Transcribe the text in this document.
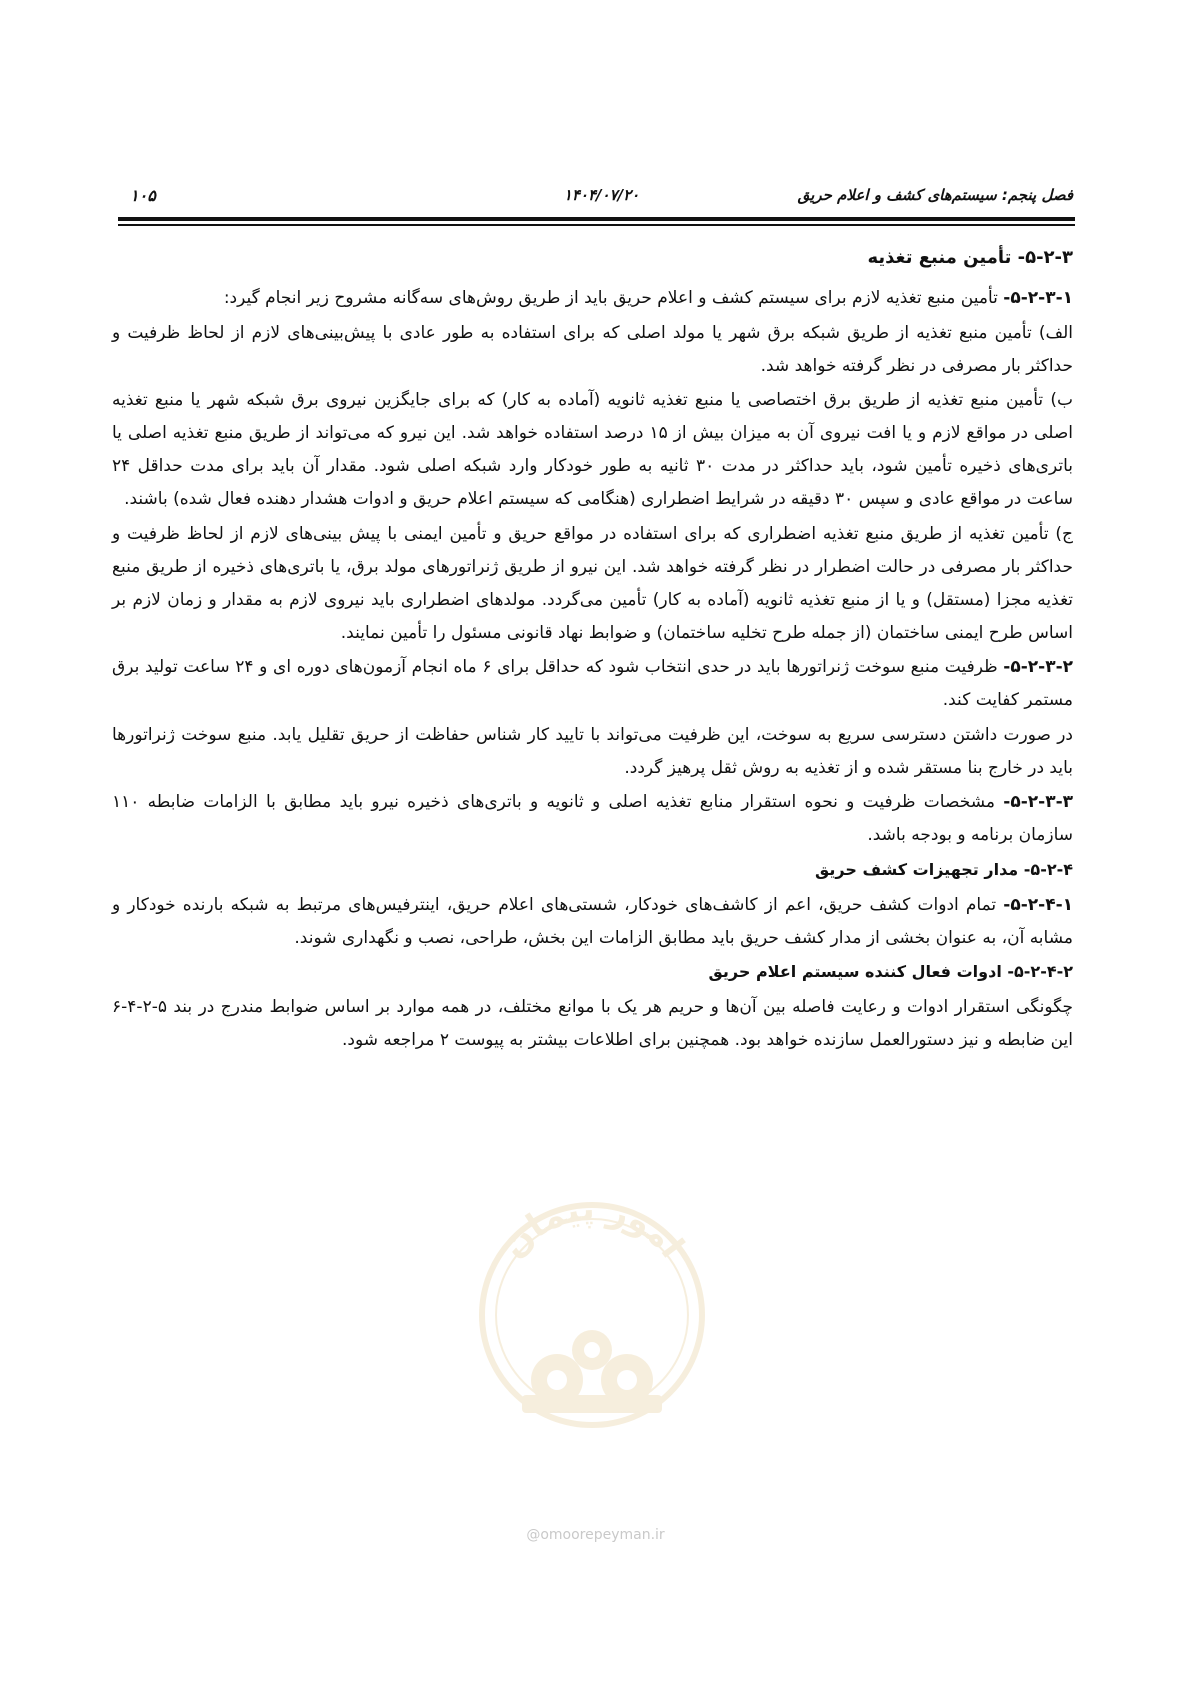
فصل پنجم: سیستم‌های کشف و اعلام حریق
۱۴۰۴/۰۷/۲۰
۱۰۵
۵-۲-۳- تأمین منبع تغذیه

۵-۲-۳-۱- تأمین منبع تغذیه لازم برای سیستم کشف و اعلام حریق باید از طریق روش‌های سه‌گانه مشروح زیر انجام گیرد:

الف) تأمین منبع تغذیه از طریق شبکه برق شهر یا مولد اصلی که برای استفاده به طور عادی با پیش‌بینی‌های لازم از لحاظ ظرفیت و حداکثر بار مصرفی در نظر گرفته خواهد شد.

ب) تأمین منبع تغذیه از طریق برق اختصاصی یا منبع تغذیه ثانویه (آماده به کار) که برای جایگزین نیروی برق شبکه شهر یا منبع تغذیه اصلی در مواقع لازم و یا افت نیروی آن به میزان بیش از ۱۵ درصد استفاده خواهد شد. این نیرو که می‌تواند از طریق منبع تغذیه اصلی یا باتری‌های ذخیره تأمین شود، باید حداکثر در مدت ۳۰ ثانیه به طور خودکار وارد شبکه اصلی شود. مقدار آن باید برای مدت حداقل ۲۴ ساعت در مواقع عادی و سپس ۳۰ دقیقه در شرایط اضطراری (هنگامی که سیستم اعلام حریق و ادوات هشدار دهنده فعال شده) باشند.

ج) تأمین تغذیه از طریق منبع تغذیه اضطراری که برای استفاده در مواقع حریق و تأمین ایمنی با پیش بینی‌های لازم از لحاظ ظرفیت و حداکثر بار مصرفی در حالت اضطرار در نظر گرفته خواهد شد. این نیرو از طریق ژنراتورهای مولد برق، یا باتری‌های ذخیره از طریق منبع تغذیه مجزا (مستقل) و یا از منبع تغذیه ثانویه (آماده به کار) تأمین می‌گردد. مولدهای اضطراری باید نیروی لازم به مقدار و زمان لازم بر اساس طرح ایمنی ساختمان (از جمله طرح تخلیه ساختمان) و ضوابط نهاد قانونی مسئول را تأمین نمایند.

۵-۲-۳-۲- ظرفیت منبع سوخت ژنراتورها باید در حدی انتخاب شود که حداقل برای ۶ ماه انجام آزمون‌های دوره ای و ۲۴ ساعت تولید برق مستمر کفایت کند.

در صورت داشتن دسترسی سریع به سوخت، این ظرفیت می‌تواند با تایید کار شناس حفاظت از حریق تقلیل یابد. منبع سوخت ژنراتورها باید در خارج بنا مستقر شده و از تغذیه به روش ثقل پرهیز گردد.

۵-۲-۳-۳- مشخصات ظرفیت و نحوه استقرار منابع تغذیه اصلی و ثانویه و باتری‌های ذخیره نیرو باید مطابق با الزامات ضابطه ۱۱۰ سازمان برنامه و بودجه باشد.

۵-۲-۴- مدار تجهیزات کشف حریق

۵-۲-۴-۱- تمام ادوات کشف حریق، اعم از کاشف‌های خودکار، شستی‌های اعلام حریق، اینترفیس‌های مرتبط به شبکه بارنده خودکار و مشابه آن، به عنوان بخشی از مدار کشف حریق باید مطابق الزامات این بخش، طراحی، نصب و نگهداری شوند.

۵-۲-۴-۲- ادوات فعال کننده سیستم اعلام حریق

چگونگی استقرار ادوات و رعایت فاصله بین آن‌ها و حریم هر یک با موانع مختلف، در همه موارد بر اساس ضوابط مندرج در بند ۵-۲-۴-۶ این ضابطه و نیز دستورالعمل سازنده خواهد بود. همچنین برای اطلاعات بیشتر به پیوست ۲ مراجعه شود.

امور پیمان
@omoorepeyman.ir
